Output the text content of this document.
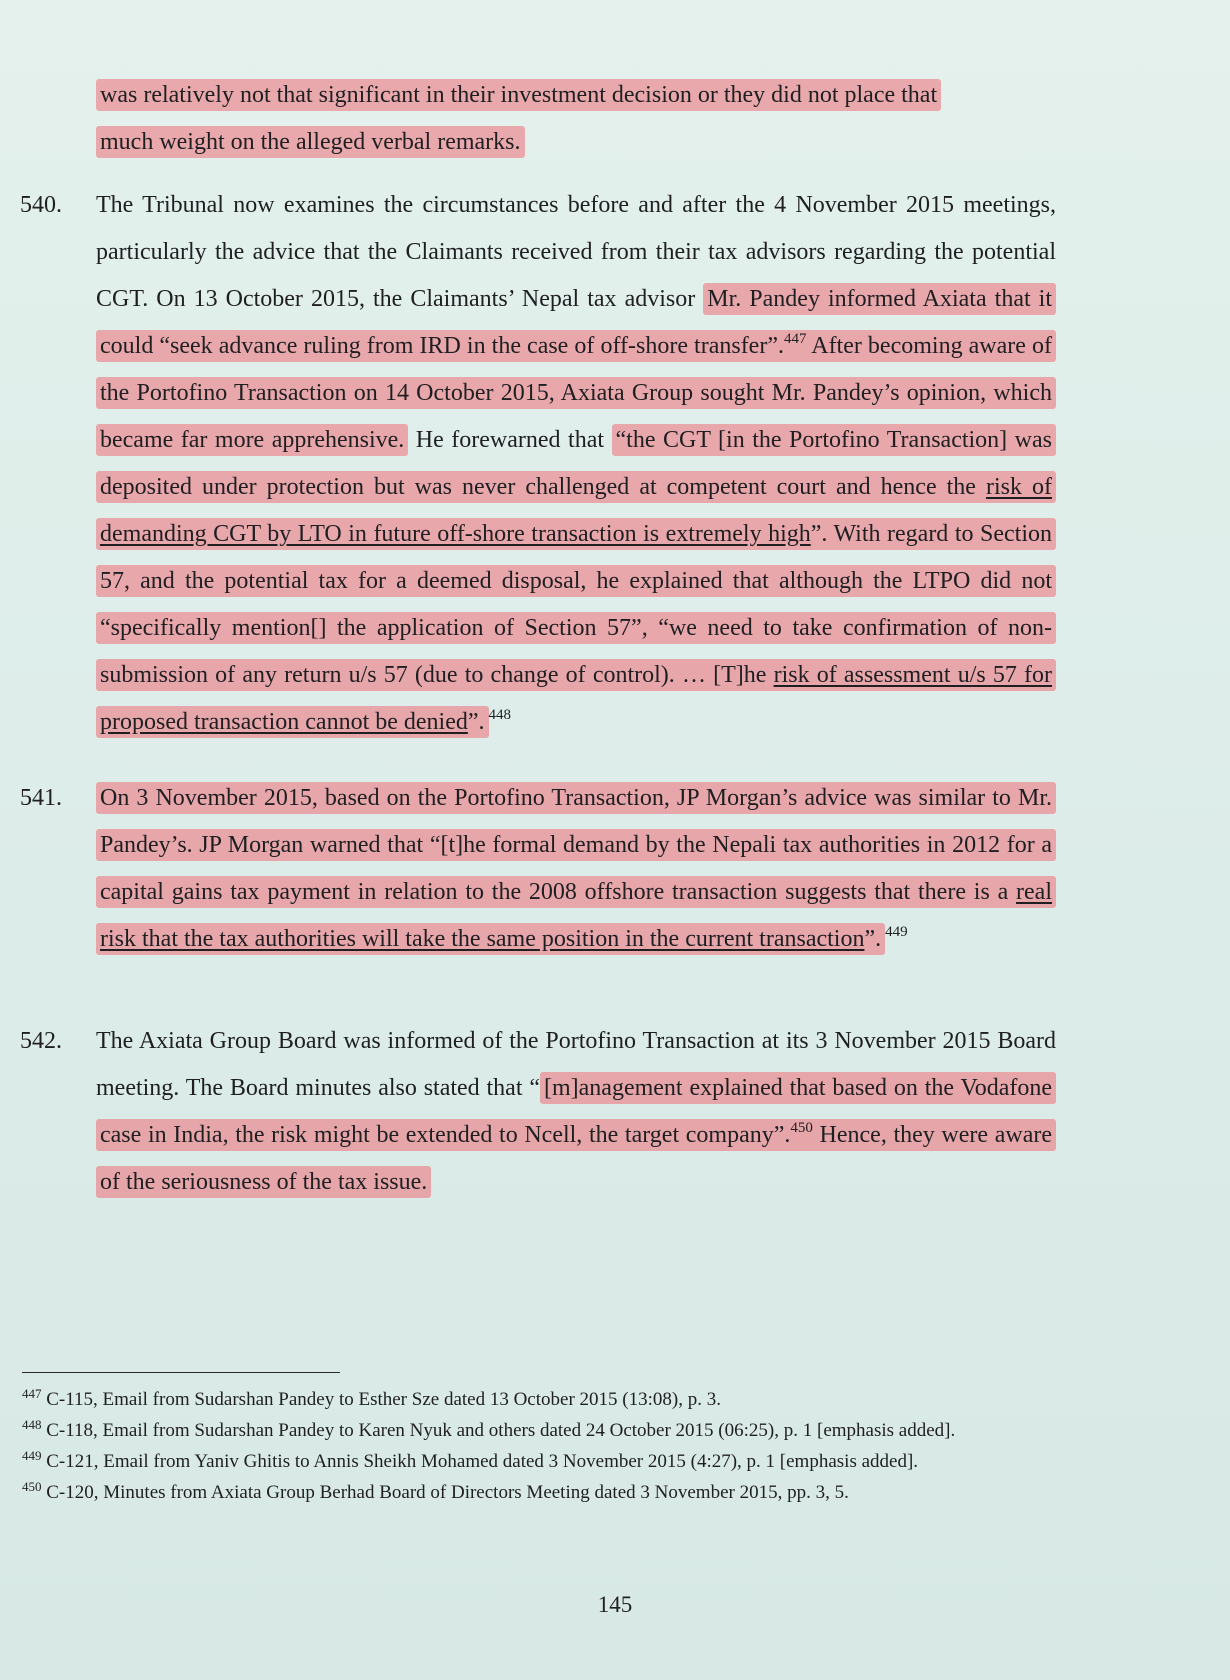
was relatively not that significant in their investment decision or they did not place that

much weight on the alleged verbal remarks.

540. The Tribunal now examines the circumstances before and after the 4 November 2015 meetings, particularly the advice that the Claimants received from their tax advisors regarding the potential CGT. On 13 October 2015, the Claimants’ Nepal tax advisor Mr. Pandey informed Axiata that it could “seek advance ruling from IRD in the case of off-shore transfer”.$^{447}$ After becoming aware of the Portofino Transaction on 14 October 2015, Axiata Group sought Mr. Pandey’s opinion, which became far more apprehensive. He forewarned that “the CGT [in the Portofino Transaction] was deposited under protection but was never challenged at competent court and hence the risk of demanding CGT by LTO in future off-shore transaction is extremely high”. With regard to Section 57, and the potential tax for a deemed disposal, he explained that although the LTPO did not “specifically mention[] the application of Section 57”, “we need to take confirmation of non-submission of any return u/s 57 (due to change of control). … [T]he risk of assessment u/s 57 for proposed transaction cannot be denied”. $^{448}$

541. On 3 November 2015, based on the Portofino Transaction, JP Morgan’s advice was similar to Mr. Pandey’s. JP Morgan warned that “[t]he formal demand by the Nepali tax authorities in 2012 for a capital gains tax payment in relation to the 2008 offshore transaction suggests that there is a real risk that the tax authorities will take the same position in the current transaction”. $^{449}$

542. The Axiata Group Board was informed of the Portofino Transaction at its 3 November 2015 Board meeting. The Board minutes also stated that “ [m]anagement explained that based on the Vodafone case in India, the risk might be extended to Ncell, the target company”.$^{450}$ Hence, they were aware of the seriousness of the tax issue.

$^{447}$ C-115, Email from Sudarshan Pandey to Esther Sze dated 13 October 2015 (13:08), p. 3.

$^{448}$ C-118, Email from Sudarshan Pandey to Karen Nyuk and others dated 24 October 2015 (06:25), p. 1 [emphasis added].

$^{449}$ C-121, Email from Yaniv Ghitis to Annis Sheikh Mohamed dated 3 November 2015 (4:27), p. 1 [emphasis added].

$^{450}$ C-120, Minutes from Axiata Group Berhad Board of Directors Meeting dated 3 November 2015, pp. 3, 5.

145
